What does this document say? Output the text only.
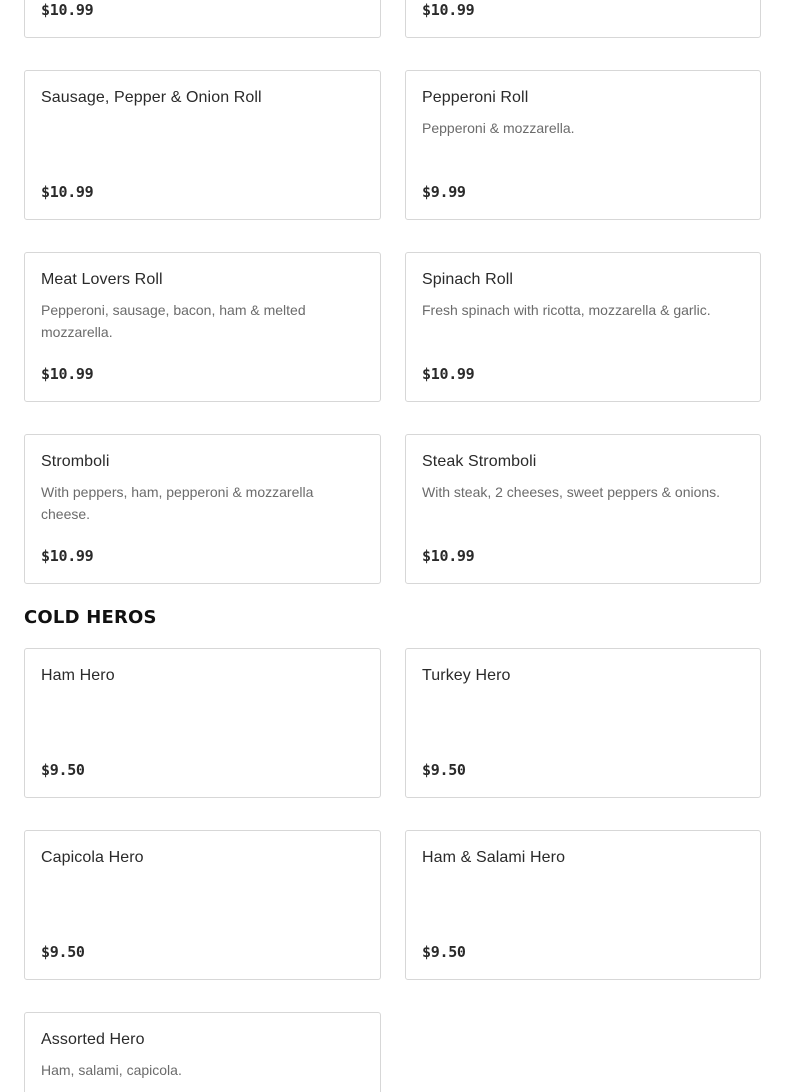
$10.99	$10.99
Sausage, Pepper & Onion Roll
$10.99
Pepperoni Roll
Pepperoni & mozzarella.
$9.99
Meat Lovers Roll
Pepperoni, sausage, bacon, ham & melted mozzarella.
$10.99
Spinach Roll
Fresh spinach with ricotta, mozzarella & garlic.
$10.99
Stromboli
With peppers, ham, pepperoni & mozzarella cheese.
$10.99
Steak Stromboli
With steak, 2 cheeses, sweet peppers & onions.
$10.99
COLD HEROS
Ham Hero
$9.50
Turkey Hero
$9.50
Capicola Hero
$9.50
Ham & Salami Hero
$9.50
Assorted Hero
Ham, salami, capicola.
